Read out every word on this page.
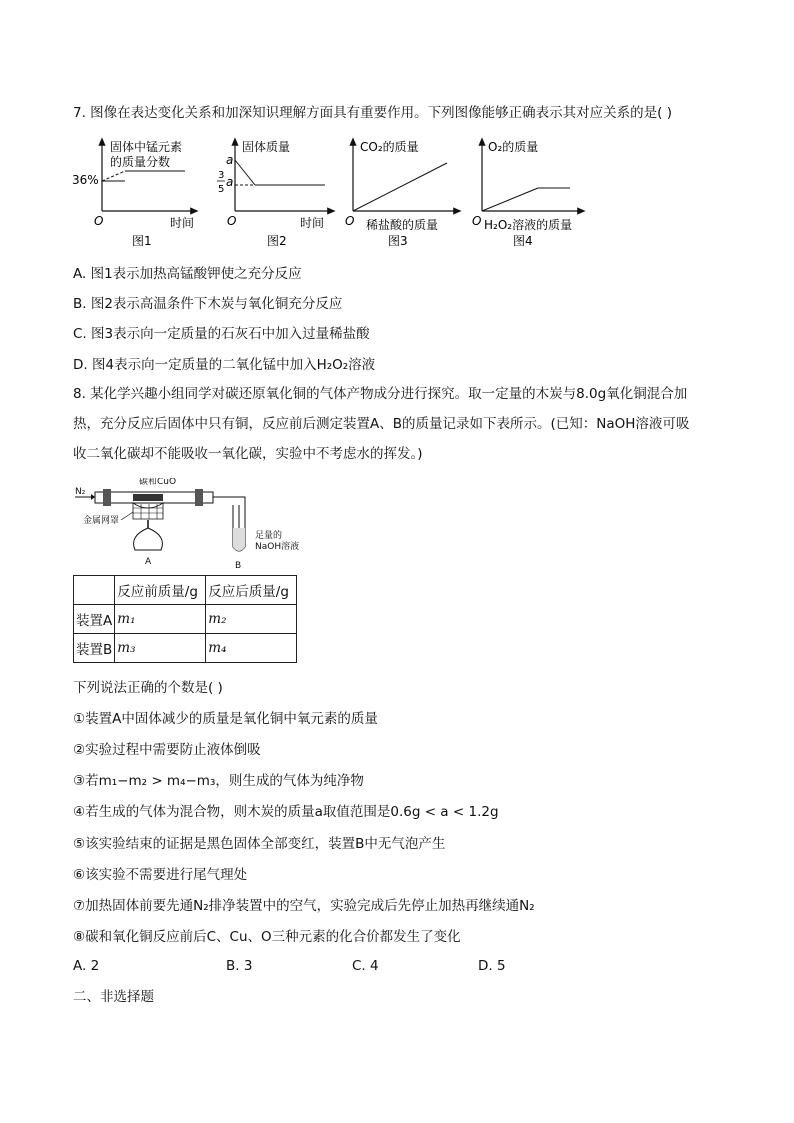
7. 图像在表达变化关系和加深知识理解方面具有重要作用。下列图像能够正确表示其对应关系的是( )
固体中锰元素
的质量分数
36%
O	时间
图1
固体质量
a
3
5
a
O	时间
图2
CO₂的质量
O 稀盐酸的质量
图3
O₂的质量
O H₂O₂溶液的质量
图4
A. 图1表示加热高锰酸钾使之充分反应
B. 图2表示高温条件下木炭与氧化铜充分反应
C. 图3表示向一定质量的石灰石中加入过量稀盐酸
D. 图4表示向一定质量的二氧化锰中加入H₂O₂溶液
8. 某化学兴趣小组同学对碳还原氧化铜的气体产物成分进行探究。取一定量的木炭与8.0g氧化铜混合加
热，充分反应后固体中只有铜，反应前后测定装置A、B的质量记录如下表所示。(已知：NaOH溶液可吸
收二氧化碳却不能吸收一氧化碳，实验中不考虑水的挥发。)
N₂
碳和CuO
金属网罩
A
足量的
NaOH溶液
B
	反应前质量/g	反应后质量/g
装置A	m₁	m₂
装置B	m₃	m₄
下列说法正确的个数是( )
①装置A中固体减少的质量是氧化铜中氧元素的质量
②实验过程中需要防止液体倒吸
③若m₁−m₂ > m₄−m₃，则生成的气体为纯净物
④若生成的气体为混合物，则木炭的质量a取值范围是0.6g < a < 1.2g
⑤该实验结束的证据是黑色固体全部变红，装置B中无气泡产生
⑥该实验不需要进行尾气理处
⑦加热固体前要先通N₂排净装置中的空气，实验完成后先停止加热再继续通N₂
⑧碳和氧化铜反应前后C、Cu、O三种元素的化合价都发生了变化
A. 2	B. 3	C. 4	D. 5
二、非选择题
